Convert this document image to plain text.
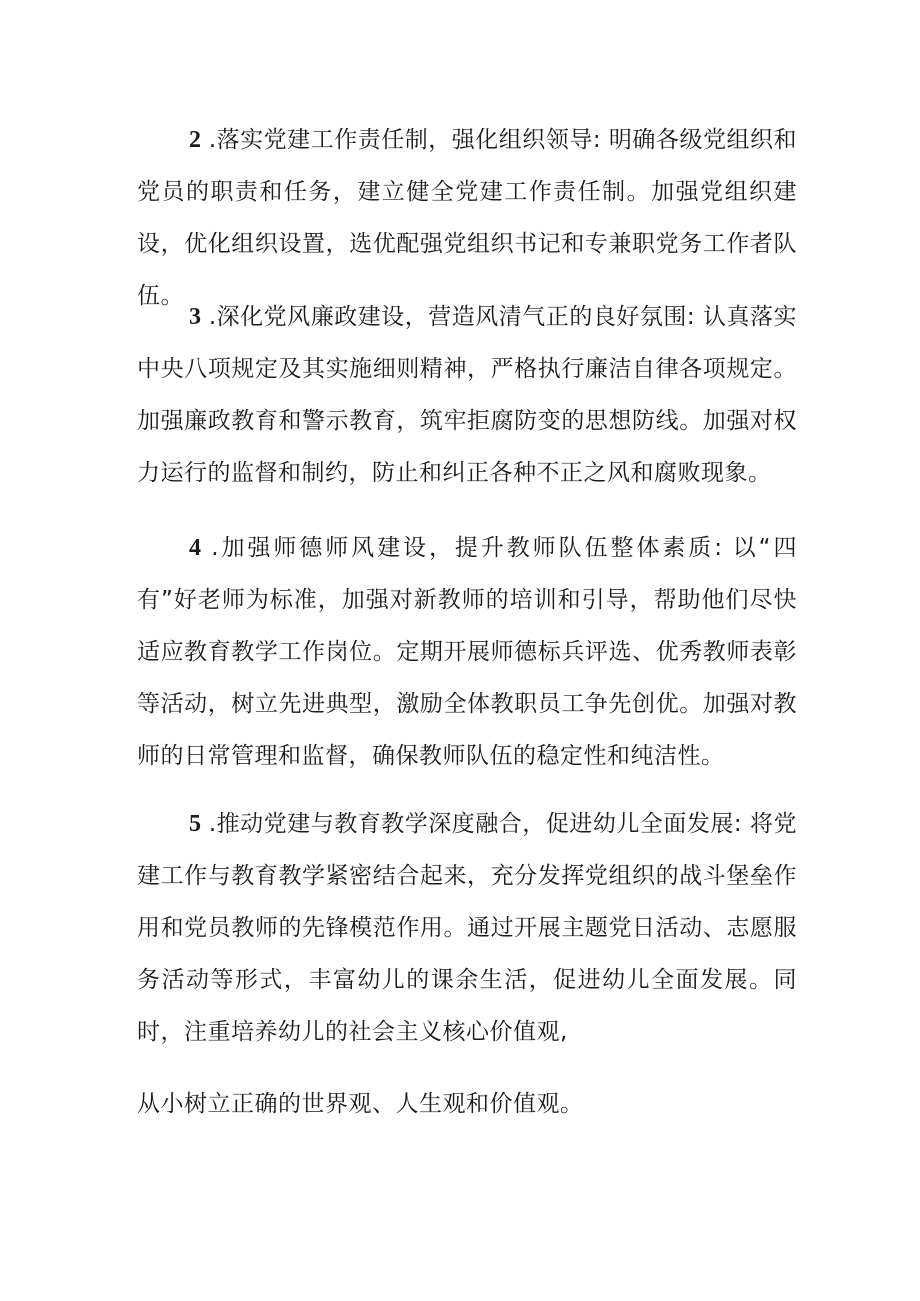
2 .落实党建工作责任制，强化组织领导: 明确各级党组织和党员的职责和任务，建立健全党建工作责任制。加强党组织建设，优化组织设置，选优配强党组织书记和专兼职党务工作者队伍。

3 .深化党风廉政建设，营造风清气正的良好氛围: 认真落实中央八项规定及其实施细则精神，严格执行廉洁自律各项规定。加强廉政教育和警示教育，筑牢拒腐防变的思想防线。加强对权力运行的监督和制约，防止和纠正各种不正之风和腐败现象。

4 .加强师德师风建设，提升教师队伍整体素质: 以“四有”好老师为标准，加强对新教师的培训和引导，帮助他们尽快适应教育教学工作岗位。定期开展师德标兵评选、优秀教师表彰等活动，树立先进典型，激励全体教职员工争先创优。加强对教师的日常管理和监督，确保教师队伍的稳定性和纯洁性。

5 .推动党建与教育教学深度融合，促进幼儿全面发展: 将党建工作与教育教学紧密结合起来，充分发挥党组织的战斗堡垒作用和党员教师的先锋模范作用。通过开展主题党日活动、志愿服务活动等形式，丰富幼儿的课余生活，促进幼儿全面发展。同时，注重培养幼儿的社会主义核心价值观,

从小树立正确的世界观、人生观和价值观。
